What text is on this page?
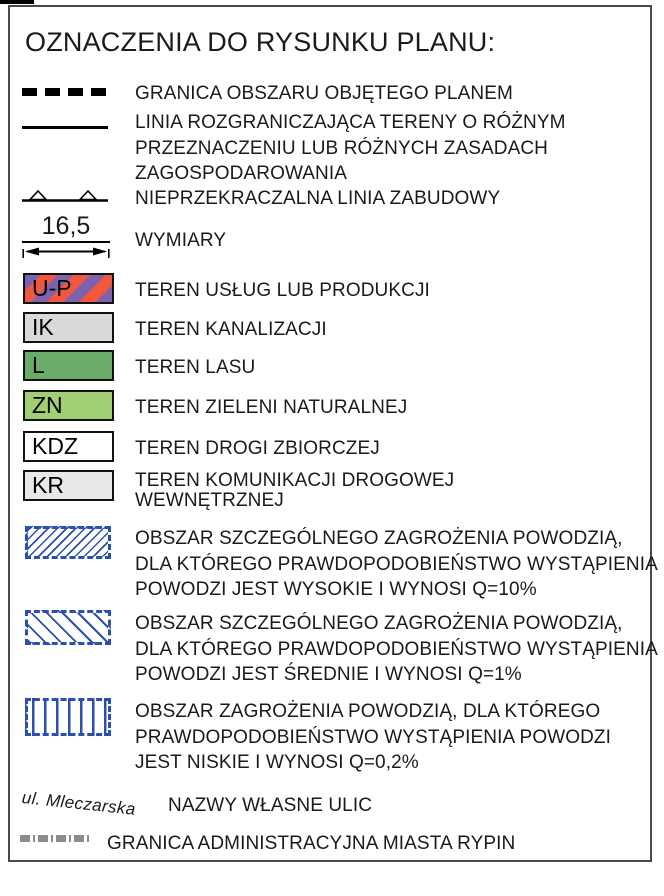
OZNACZENIA DO RYSUNKU PLANU:
GRANICA OBSZARU OBJĘTEGO PLANEM
LINIA ROZGRANICZAJĄCA TERENY O RÓŻNYM
PRZEZNACZENIU LUB RÓŻNYCH ZASADACH
ZAGOSPODAROWANIA
NIEPRZEKRACZALNA LINIA ZABUDOWY
16,5
WYMIARY
U-P	TEREN USŁUG LUB PRODUKCJI
IK	TEREN KANALIZACJI
L	TEREN LASU
ZN	TEREN ZIELENI NATURALNEJ
KDZ	TEREN DROGI ZBIORCZEJ
KR	TEREN KOMUNIKACJI DROGOWEJ
WEWNĘTRZNEJ
OBSZAR SZCZEGÓLNEGO ZAGROŻENIA POWODZIĄ,
DLA KTÓREGO PRAWDOPODOBIEŃSTWO WYSTĄPIENIA
POWODZI JEST WYSOKIE I WYNOSI Q=10%
OBSZAR SZCZEGÓLNEGO ZAGROŻENIA POWODZIĄ,
DLA KTÓREGO PRAWDOPODOBIEŃSTWO WYSTĄPIENIA
POWODZI JEST ŚREDNIE I WYNOSI Q=1%
OBSZAR ZAGROŻENIA POWODZIĄ, DLA KTÓREGO
PRAWDOPODOBIEŃSTWO WYSTĄPIENIA POWODZI
JEST NISKIE I WYNOSI Q=0,2%
ul. Mleczarska NAZWY WŁASNE ULIC
GRANICA ADMINISTRACYJNA MIASTA RYPIN
